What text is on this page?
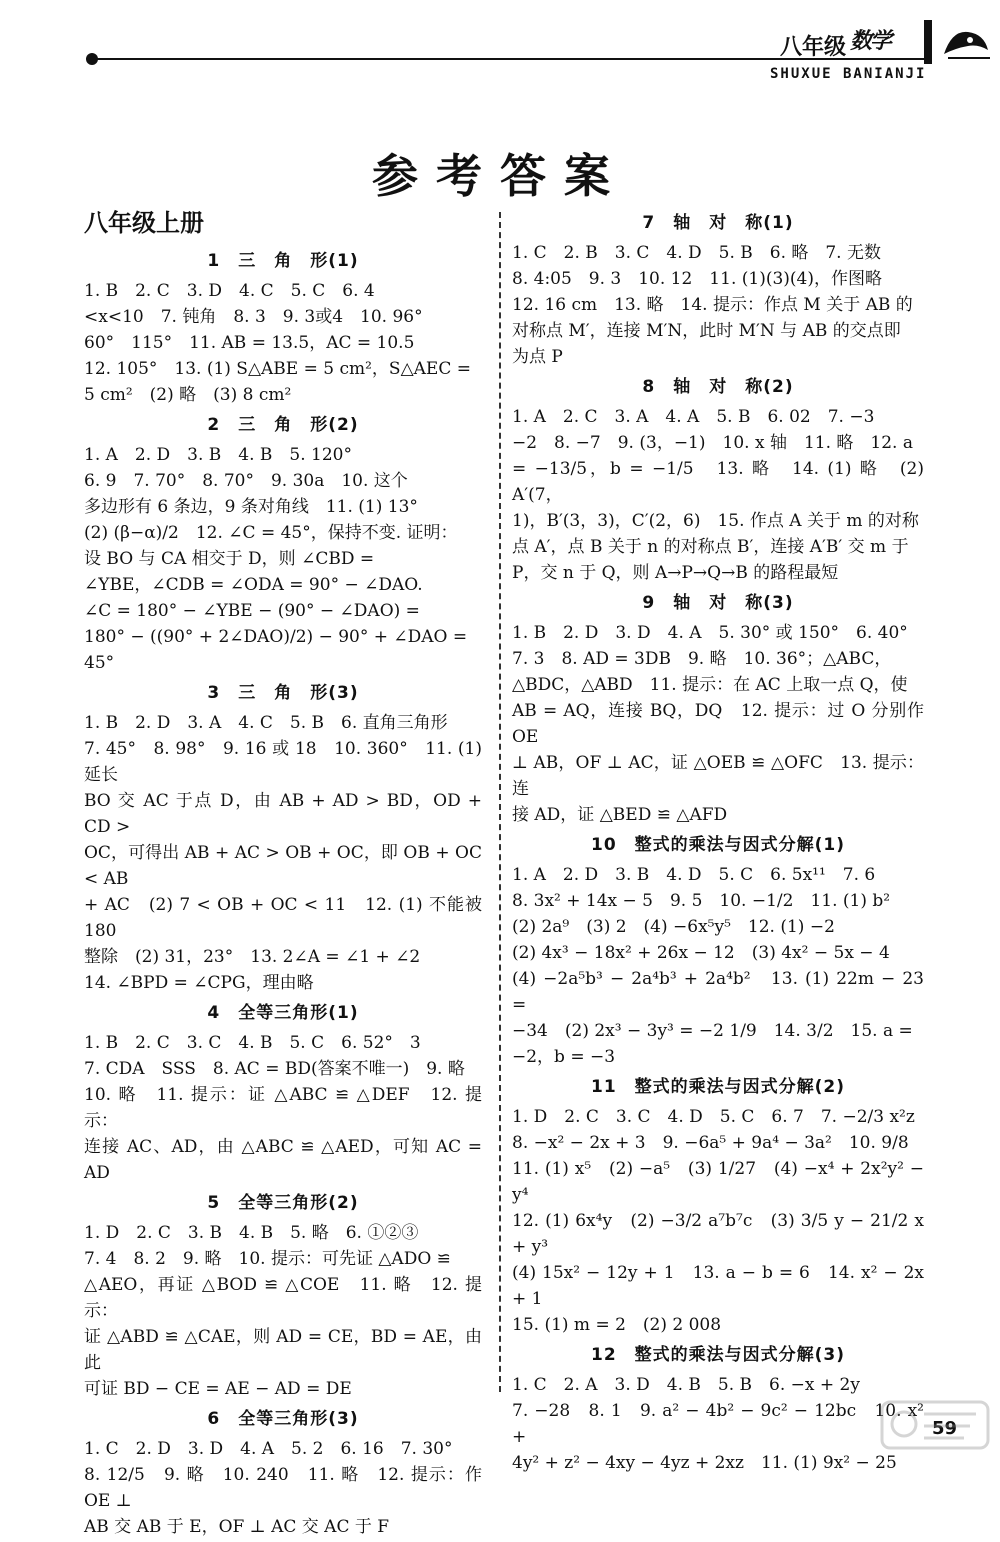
八年级 数学
SHUXUE BANIANJI
参考答案
八年级上册
1　三　角　形(1)

1. B　2. C　3. D　4. C　5. C　6. 4

<x<10　7. 钝角　8. 3　9. 3或4　10. 96°

60°　115°　11. AB = 13.5，AC = 10.5

12. 105°　13. (1) S△ABE = 5 cm²，S△AEC =

5 cm²　(2) 略　(3) 8 cm²

2　三　角　形(2)

1. A　2. D　3. B　4. B　5. 120°

6. 9　7. 70°　8. 70°　9. 30a　10. 这个

多边形有 6 条边，9 条对角线　11. (1) 13°

(2) (β−α)/2　12. ∠C = 45°，保持不变. 证明：

设 BO 与 CA 相交于 D，则 ∠CBD =

∠YBE，∠CDB = ∠ODA = 90° − ∠DAO.

∠C = 180° − ∠YBE − (90° − ∠DAO) =

180° − ((90° + 2∠DAO)/2) − 90° + ∠DAO =

45°

3　三　角　形(3)

1. B　2. D　3. A　4. C　5. B　6. 直角三角形

7. 45°　8. 98°　9. 16 或 18　10. 360°　11. (1) 延长

BO 交 AC 于点 D，由 AB + AD > BD，OD + CD >

OC，可得出 AB + AC > OB + OC，即 OB + OC < AB

+ AC　(2) 7 < OB + OC < 11　12. (1) 不能被 180

整除　(2) 31，23°　13. 2∠A = ∠1 + ∠2

14. ∠BPD = ∠CPG，理由略

4　全等三角形(1)

1. B　2. C　3. C　4. B　5. C　6. 52°　3

7. CDA　SSS　8. AC = BD(答案不唯一)　9. 略

10. 略　11. 提示：证 △ABC ≌ △DEF　12. 提示：

连接 AC、AD，由 △ABC ≌ △AED，可知 AC = AD

5　全等三角形(2)

1. D　2. C　3. B　4. B　5. 略　6. ①②③

7. 4　8. 2　9. 略　10. 提示：可先证 △ADO ≌

△AEO，再证 △BOD ≌ △COE　11. 略　12. 提示：

证 △ABD ≌ △CAE，则 AD = CE，BD = AE，由此

可证 BD − CE = AE − AD = DE

6　全等三角形(3)

1. C　2. D　3. D　4. A　5. 2　6. 16　7. 30°

8. 12/5　9. 略　10. 240　11. 略　12. 提示：作 OE ⊥

AB 交 AB 于 E，OF ⊥ AC 交 AC 于 F

7　轴　对　称(1)

1. C　2. B　3. C　4. D　5. B　6. 略　7. 无数

8. 4:05　9. 3　10. 12　11. (1)(3)(4)，作图略

12. 16 cm　13. 略　14. 提示：作点 M 关于 AB 的

对称点 M′，连接 M′N，此时 M′N 与 AB 的交点即

为点 P

8　轴　对　称(2)

1. A　2. C　3. A　4. A　5. B　6. 02　7. −3

−2　8. −7　9. (3，−1)　10. x 轴　11. 略　12. a

= −13/5，b = −1/5　13. 略　14. (1) 略　(2) A′(7，

1)，B′(3，3)，C′(2，6)　15. 作点 A 关于 m 的对称

点 A′，点 B 关于 n 的对称点 B′，连接 A′B′ 交 m 于

P，交 n 于 Q，则 A→P→Q→B 的路程最短

9　轴　对　称(3)

1. B　2. D　3. D　4. A　5. 30° 或 150°　6. 40°

7. 3　8. AD = 3DB　9. 略　10. 36°；△ABC，

△BDC，△ABD　11. 提示：在 AC 上取一点 Q，使

AB = AQ，连接 BQ，DQ　12. 提示：过 O 分别作 OE

⊥ AB，OF ⊥ AC，证 △OEB ≌ △OFC　13. 提示：连

接 AD，证 △BED ≌ △AFD

10　整式的乘法与因式分解(1)

1. A　2. D　3. B　4. D　5. C　6. 5x¹¹　7. 6

8. 3x² + 14x − 5　9. 5　10. −1/2　11. (1) b²

(2) 2a⁹　(3) 2　(4) −6x⁵y⁵　12. (1) −2

(2) 4x³ − 18x² + 26x − 12　(3) 4x² − 5x − 4

(4) −2a⁵b³ − 2a⁴b³ + 2a⁴b²　13. (1) 22m − 23 =

−34　(2) 2x³ − 3y³ = −2 1/9　14. 3/2　15. a =

−2，b = −3

11　整式的乘法与因式分解(2)

1. D　2. C　3. C　4. D　5. C　6. 7　7. −2/3 x²z

8. −x² − 2x + 3　9. −6a⁵ + 9a⁴ − 3a²　10. 9/8

11. (1) x⁵　(2) −a⁵　(3) 1/27　(4) −x⁴ + 2x²y² − y⁴

12. (1) 6x⁴y　(2) −3/2 a⁷b⁷c　(3) 3/5 y − 21/2 x + y³

(4) 15x² − 12y + 1　13. a − b = 6　14. x² − 2x + 1

15. (1) m = 2　(2) 2 008

12　整式的乘法与因式分解(3)

1. C　2. A　3. D　4. B　5. B　6. −x + 2y

7. −28　8. 1　9. a² − 4b² − 9c² − 12bc　10. x² +

4y² + z² − 4xy − 4yz + 2xz　11. (1) 9x² − 25

59
